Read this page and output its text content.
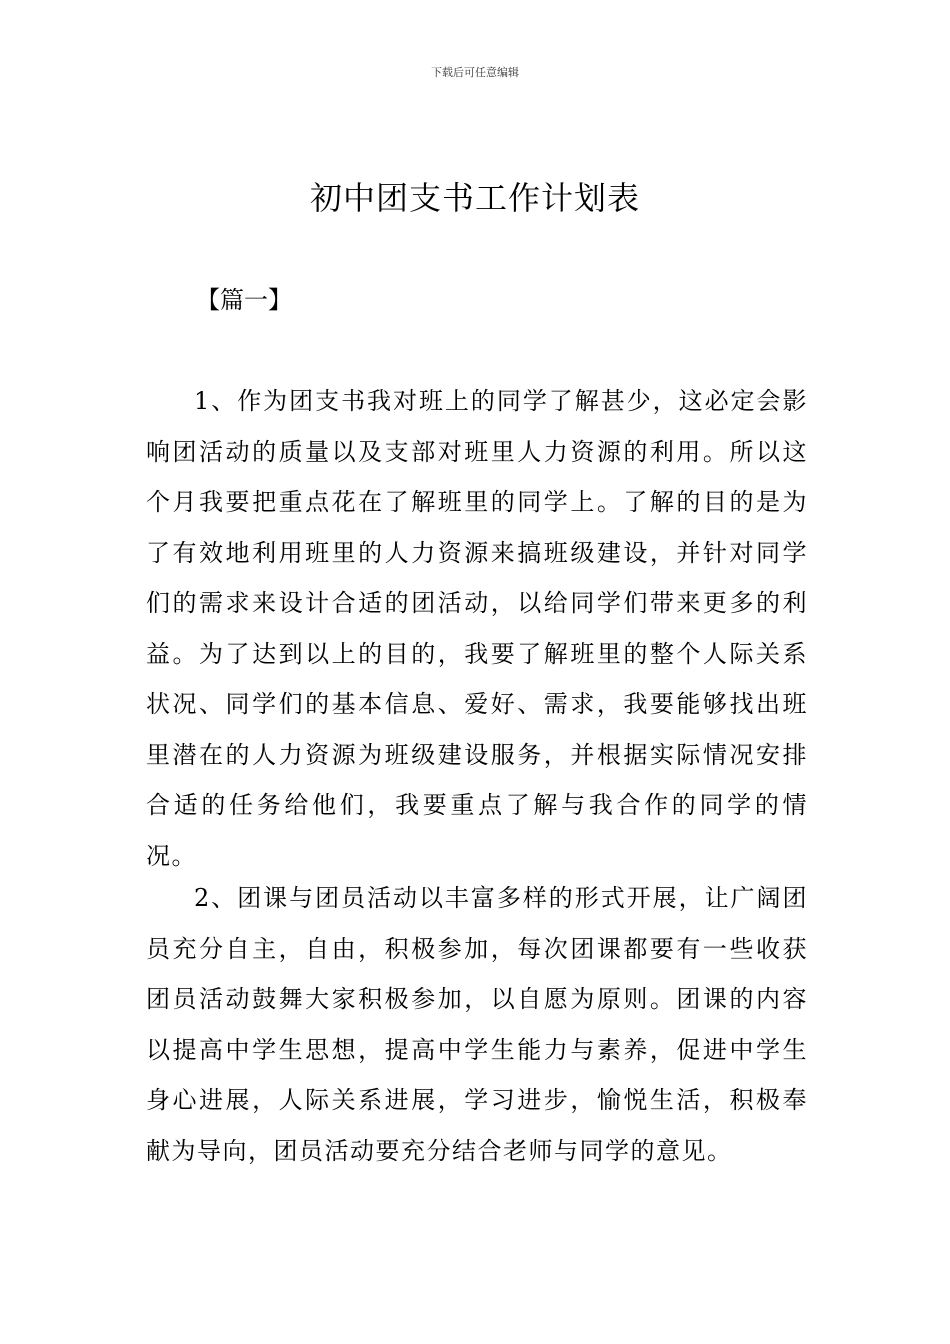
下载后可任意编辑
初中团支书工作计划表
【篇一】

1、作为团支书我对班上的同学了解甚少，这必定会影响团活动的质量以及支部对班里人力资源的利用。所以这个月我要把重点花在了解班里的同学上。了解的目的是为了有效地利用班里的人力资源来搞班级建设，并针对同学们的需求来设计合适的团活动，以给同学们带来更多的利益。为了达到以上的目的，我要了解班里的整个人际关系状况、同学们的基本信息、爱好、需求，我要能够找出班里潜在的人力资源为班级建设服务，并根据实际情况安排合适的任务给他们，我要重点了解与我合作的同学的情况。

2、团课与团员活动以丰富多样的形式开展，让广阔团员充分自主，自由，积极参加，每次团课都要有一些收获团员活动鼓舞大家积极参加，以自愿为原则。团课的内容以提高中学生思想，提高中学生能力与素养，促进中学生身心进展，人际关系进展，学习进步，愉悦生活，积极奉献为导向，团员活动要充分结合老师与同学的意见。
